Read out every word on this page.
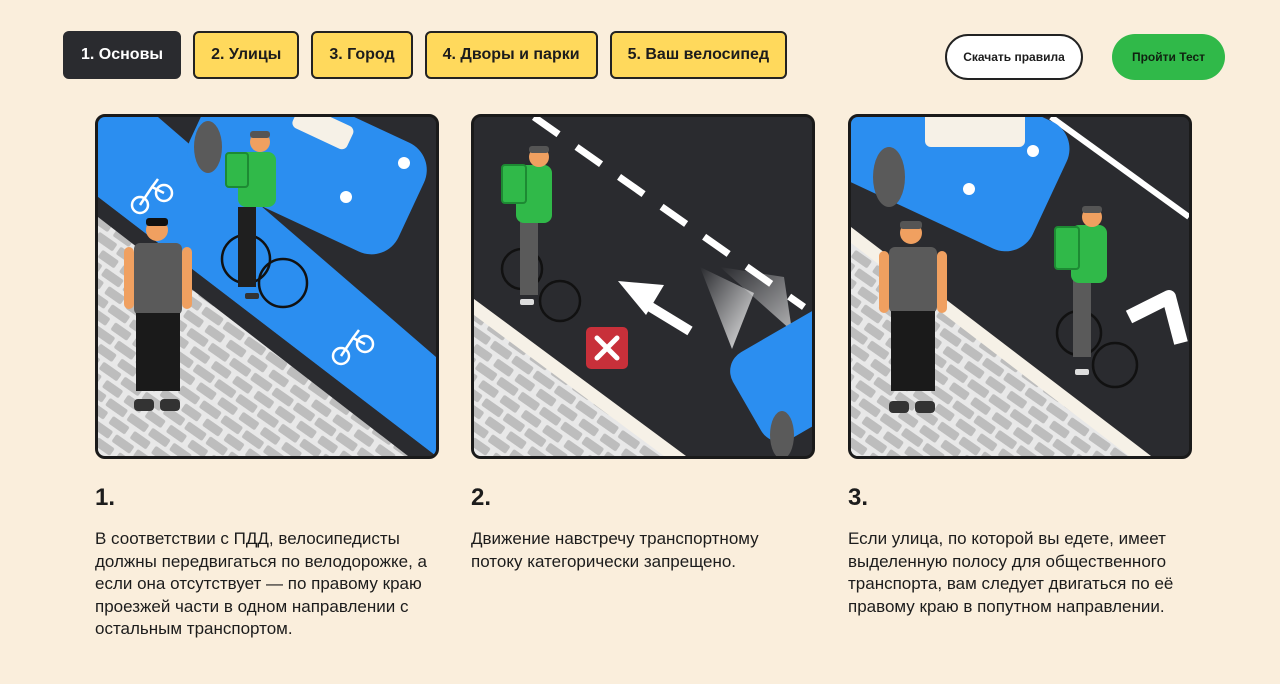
1. Основы	2. Улицы	3. Город	4. Дворы и парки	5. Ваш велосипед	Скачать правила	Пройти Тест
1.

В соответствии с ПДД, велосипедисты должны передвигаться по велодорожке, а если она отсутствует — по правому краю проезжей части в одном направлении с остальным транспортом.

2.

Движение навстречу транспортному потоку категорически запрещено.

3.

Если улица, по которой вы едете, имеет выделенную полосу для общественного транспорта, вам следует двигаться по её правому краю в попутном направлении.
